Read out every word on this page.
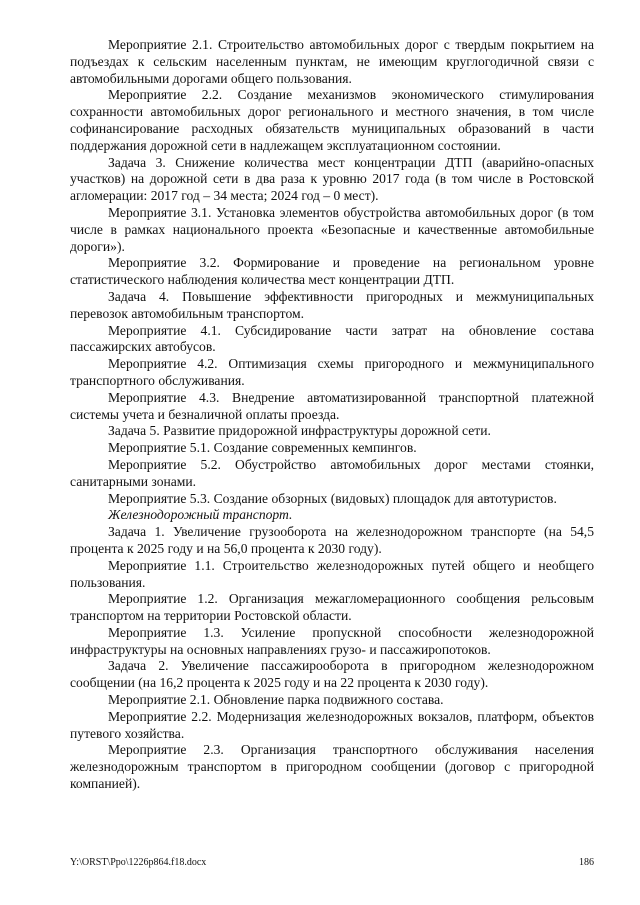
Мероприятие 2.1. Строительство автомобильных дорог с твердым покрытием на подъездах к сельским населенным пунктам, не имеющим круглогодичной связи с автомобильными дорогами общего пользования.

Мероприятие 2.2. Создание механизмов экономического стимулирования сохранности автомобильных дорог регионального и местного значения, в том числе софинансирование расходных обязательств муниципальных образований в части поддержания дорожной сети в надлежащем эксплуатационном состоянии.

Задача 3. Снижение количества мест концентрации ДТП (аварийно-опасных участков) на дорожной сети в два раза к уровню 2017 года (в том числе в Ростовской агломерации: 2017 год – 34 места; 2024 год – 0 мест).

Мероприятие 3.1. Установка элементов обустройства автомобильных дорог (в том числе в рамках национального проекта «Безопасные и качественные автомобильные дороги»).

Мероприятие 3.2. Формирование и проведение на региональном уровне статистического наблюдения количества мест концентрации ДТП.

Задача 4. Повышение эффективности пригородных и межмуниципальных перевозок автомобильным транспортом.

Мероприятие 4.1. Субсидирование части затрат на обновление состава пассажирских автобусов.

Мероприятие 4.2. Оптимизация схемы пригородного и межмуниципального транспортного обслуживания.

Мероприятие 4.3. Внедрение автоматизированной транспортной платежной системы учета и безналичной оплаты проезда.

Задача 5. Развитие придорожной инфраструктуры дорожной сети.

Мероприятие 5.1. Создание современных кемпингов.

Мероприятие 5.2. Обустройство автомобильных дорог местами стоянки, санитарными зонами.

Мероприятие 5.3. Создание обзорных (видовых) площадок для автотуристов.

Железнодорожный транспорт.

Задача 1. Увеличение грузооборота на железнодорожном транспорте (на 54,5 процента к 2025 году и на 56,0 процента к 2030 году).

Мероприятие 1.1. Строительство железнодорожных путей общего и необщего пользования.

Мероприятие 1.2. Организация межагломерационного сообщения рельсовым транспортом на территории Ростовской области.

Мероприятие 1.3. Усиление пропускной способности железнодорожной инфраструктуры на основных направлениях грузо- и пассажиропотоков.

Задача 2. Увеличение пассажирооборота в пригородном железнодорожном сообщении (на 16,2 процента к 2025 году и на 22 процента к 2030 году).

Мероприятие 2.1. Обновление парка подвижного состава.

Мероприятие 2.2. Модернизация железнодорожных вокзалов, платформ, объектов путевого хозяйства.

Мероприятие 2.3. Организация транспортного обслуживания населения железнодорожным транспортом в пригородном сообщении (договор с пригородной компанией).

Y:\ORST\Ppo\1226p864.f18.docx	186
